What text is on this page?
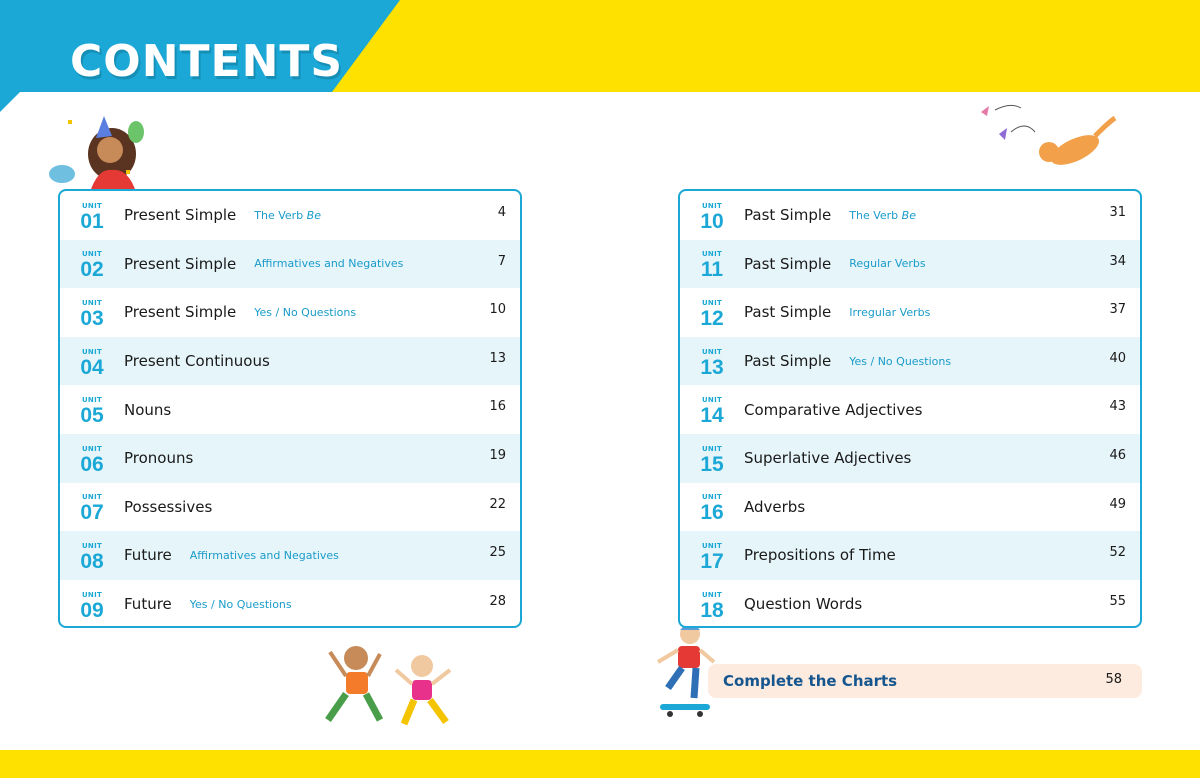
CONTENTS
UNIT
01 Present Simple The Verb Be	4
UNIT
02 Present Simple Affirmatives and Negatives	7
UNIT
03 Present Simple Yes / No Questions	10
UNIT
04 Present Continuous	13
UNIT
05 Nouns	16
UNIT
06 Pronouns	19
UNIT
07 Possessives	22
UNIT
08 Future Affirmatives and Negatives	25
UNIT
09 Future Yes / No Questions	28
UNIT
10 Past Simple The Verb Be	31
UNIT
11 Past Simple Regular Verbs	34
UNIT
12 Past Simple Irregular Verbs	37
UNIT
13 Past Simple Yes / No Questions	40
UNIT
14 Comparative Adjectives	43
UNIT
15 Superlative Adjectives	46
UNIT
16 Adverbs	49
UNIT
17 Prepositions of Time	52
UNIT
18 Question Words	55
Complete the Charts	58
